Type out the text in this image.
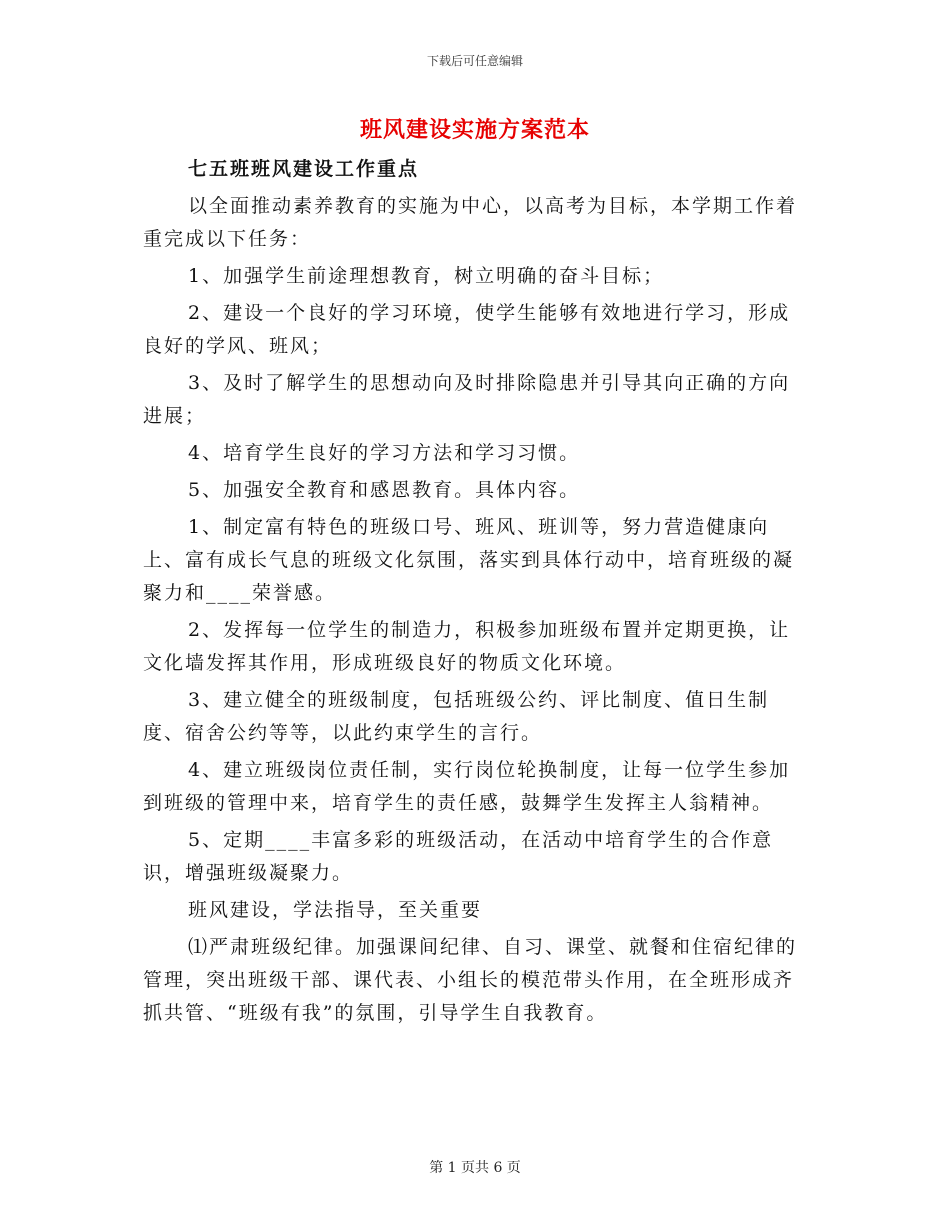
下载后可任意编辑
班风建设实施方案范本
七五班班风建设工作重点

以全面推动素养教育的实施为中心，以高考为目标，本学期工作着重完成以下任务：

1、加强学生前途理想教育，树立明确的奋斗目标；

2、建设一个良好的学习环境，使学生能够有效地进行学习，形成良好的学风、班风；

3、及时了解学生的思想动向及时排除隐患并引导其向正确的方向进展；

4、培育学生良好的学习方法和学习习惯。

5、加强安全教育和感恩教育。具体内容。

1、制定富有特色的班级口号、班风、班训等，努力营造健康向上、富有成长气息的班级文化氛围，落实到具体行动中，培育班级的凝聚力和____荣誉感。

2、发挥每一位学生的制造力，积极参加班级布置并定期更换，让文化墙发挥其作用，形成班级良好的物质文化环境。

3、建立健全的班级制度，包括班级公约、评比制度、值日生制度、宿舍公约等等，以此约束学生的言行。

4、建立班级岗位责任制，实行岗位轮换制度，让每一位学生参加到班级的管理中来，培育学生的责任感，鼓舞学生发挥主人翁精神。

5、定期____丰富多彩的班级活动，在活动中培育学生的合作意识，增强班级凝聚力。

班风建设，学法指导，至关重要

⑴严肃班级纪律。加强课间纪律、自习、课堂、就餐和住宿纪律的管理，突出班级干部、课代表、小组长的模范带头作用，在全班形成齐抓共管、“班级有我”的氛围，引导学生自我教育。

第 1 页共 6 页
